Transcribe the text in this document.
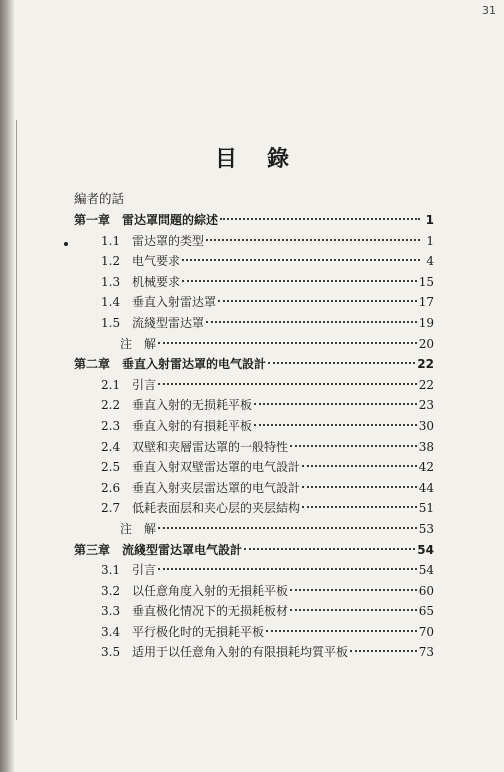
31
目錄
編者的話
第一章 雷达罩問題的綜述	1
1.1 雷达罩的类型	1
1.2 电气要求	4
1.3 机械要求	15
1.4 垂直入射雷达罩	17
1.5 流綫型雷达罩	19
注　解	20
第二章 垂直入射雷达罩的电气設計	22
2.1 引言	22
2.2 垂直入射的无损耗平板	23
2.3 垂直入射的有損耗平板	30
2.4 双壁和夹層雷达罩的一般特性	38
2.5 垂直入射双壁雷达罩的电气設計	42
2.6 垂直入射夹层雷达罩的电气設計	44
2.7 低耗表面层和夹心层的夹层結构	51
注　解	53
第三章 流綫型雷达罩电气設計	54
3.1 引言	54
3.2 以任意角度入射的无損耗平板	60
3.3 垂直极化情况下的无损耗板材	65
3.4 平行极化时的无損耗平板	70
3.5 适用于以任意角入射的有限損耗均質平板	73
